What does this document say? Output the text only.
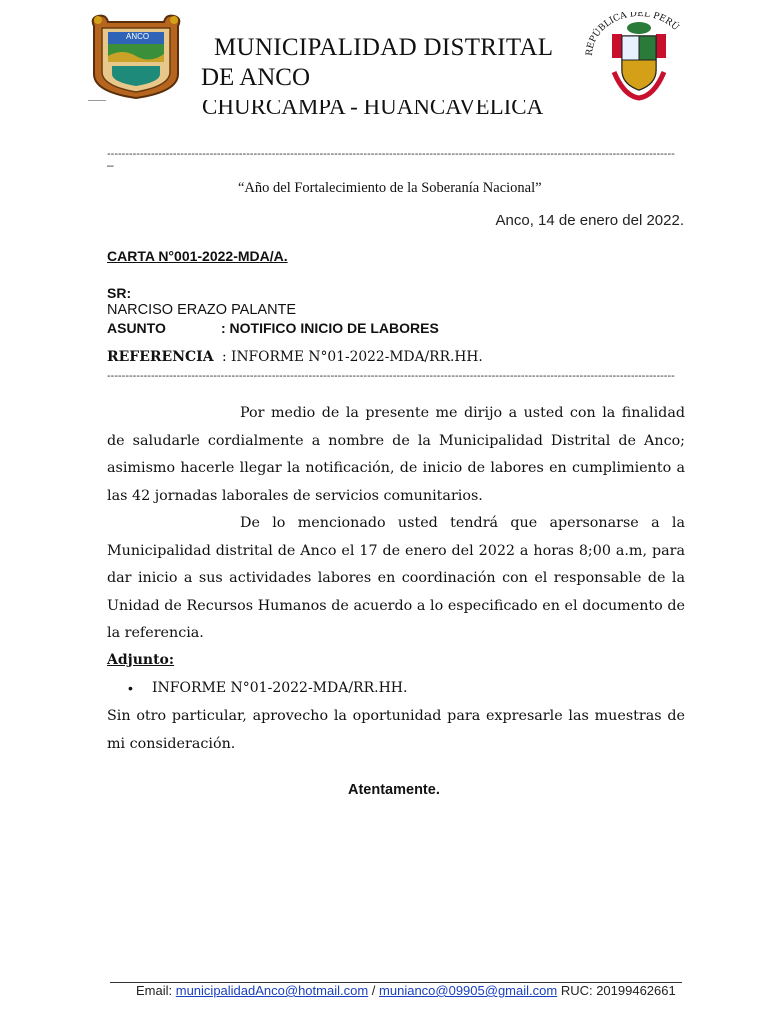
ANCO	MUNICIPALIDAD DISTRITAL
DE ANCO
CHURCAMPA - HUANCAVELICA
REPÚBLICA DEL PERÚ
-----------------------------------------------------------------------------------------------------------------------------------------------------------
–
“Año del Fortalecimiento de la Soberanía Nacional”
Anco, 14 de enero del 2022.
CARTA N°001-2022-MDA/A.
SR:
NARCISO ERAZO PALANTE
ASUNTO	: NOTIFICO INICIO DE LABORES
REFERENCIA : INFORME N°01-2022-MDA/RR.HH.
-----------------------------------------------------------------------------------------------------------------------------------------------------------
Por medio de la presente me dirijo a usted con la finalidad de saludarle cordialmente a nombre de la Municipalidad Distrital de Anco; asimismo hacerle llegar la notificación, de inicio de labores en cumplimiento a las 42 jornadas laborales de servicios comunitarios.
De lo mencionado usted tendrá que apersonarse a la Municipalidad distrital de Anco el 17 de enero del 2022 a horas 8;00 a.m, para dar inicio a sus actividades labores en coordinación con el responsable de la Unidad de Recursos Humanos de acuerdo a lo especificado en el documento de la referencia.
Adjunto:
• INFORME N°01-2022-MDA/RR.HH.
Sin otro particular, aprovecho la oportunidad para expresarle las muestras de mi consideración.
Atentamente.
Email: municipalidadAnco@hotmail.com / munianco@09905@gmail.com RUC: 20199462661
